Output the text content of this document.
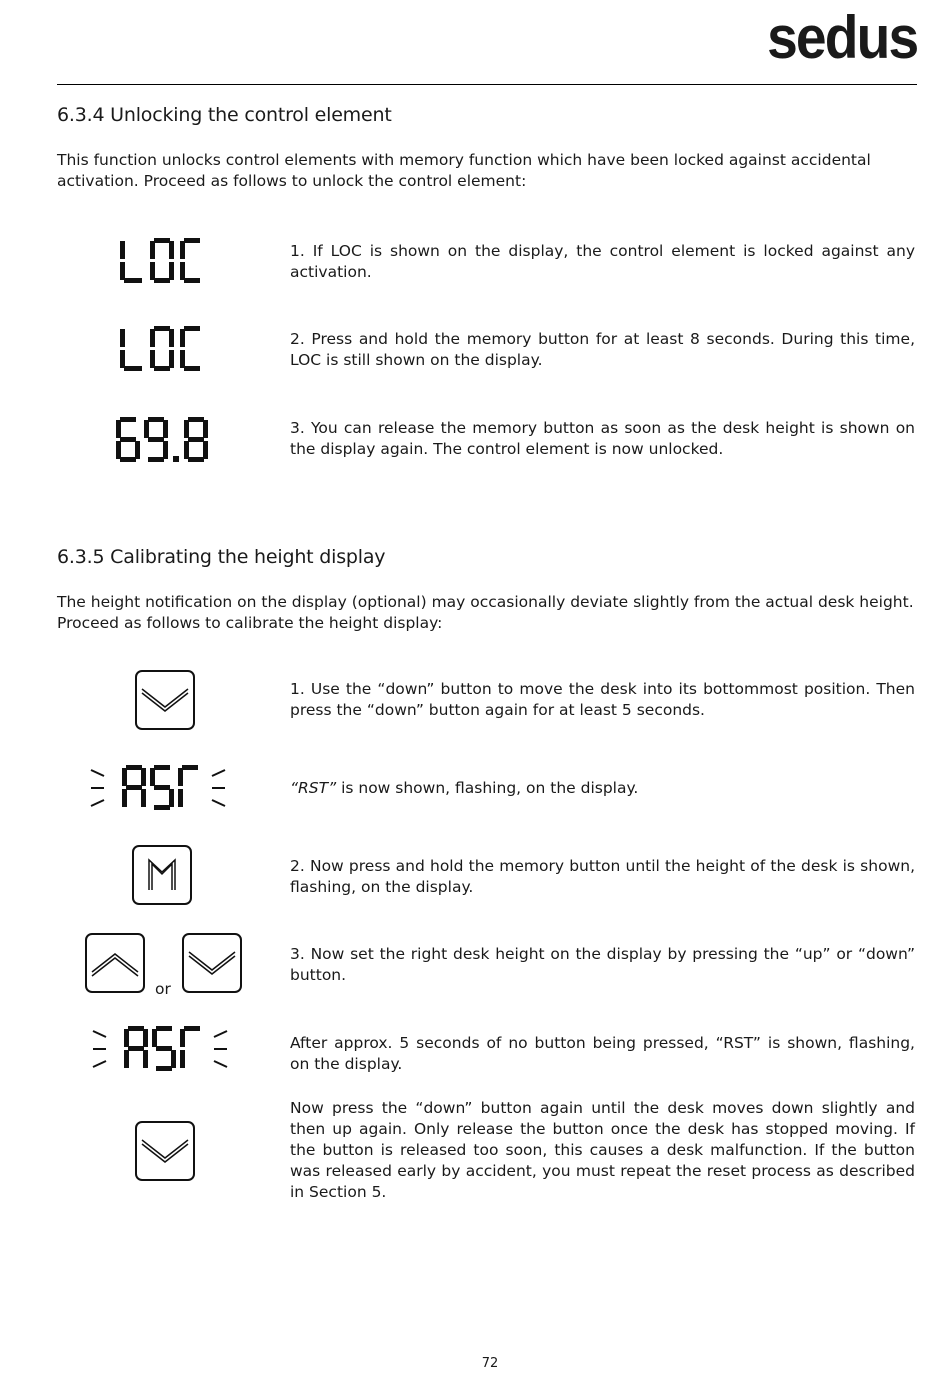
sedus
6.3.4 Unlocking the control element

This function unlocks control elements with memory function which have been locked against accidental activation. Proceed as follows to unlock the control element:

1. If LOC is shown on the display, the control element is locked against any activation.

2. Press and hold the memory button for at least 8 seconds. During this time, LOC is still shown on the display.

3. You can release the memory button as soon as the desk height is shown on the display again. The control element is now unlocked.

6.3.5 Calibrating the height display

The height notification on the display (optional) may occasionally deviate slightly from the actual desk height. Proceed as follows to calibrate the height display:

1. Use the “down” button to move the desk into its bottommost position. Then press the “down” button again for at least 5 seconds.

“RST” is now shown, flashing, on the display.

2. Now press and hold the memory button until the height of the desk is shown, flashing, on the display.

or

3. Now set the right desk height on the display by pressing the “up” or “down” button.

After approx. 5 seconds of no button being pressed, “RST” is shown, flashing, on the display.

Now press the “down” button again until the desk moves down slightly and then up again. Only release the button once the desk has stopped moving. If the button is released too soon, this causes a desk malfunction. If the button was released early by accident, you must repeat the reset process as described in Section 5.

72
